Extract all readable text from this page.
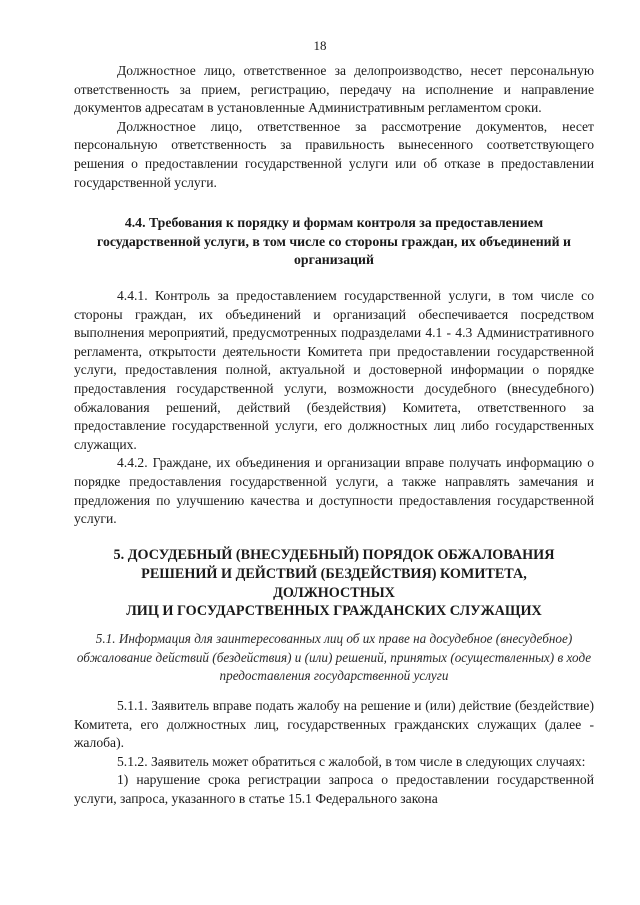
18

Должностное лицо, ответственное за делопроизводство, несет персональную ответственность за прием, регистрацию, передачу на исполнение и направление документов адресатам в установленные Административным регламентом сроки.

Должностное лицо, ответственное за рассмотрение документов, несет персональную ответственность за правильность вынесенного соответствующего решения о предоставлении государственной услуги или об отказе в предоставлении государственной услуги.

4.4. Требования к порядку и формам контроля за предоставлением государственной услуги, в том числе со стороны граждан, их объединений и организаций

4.4.1. Контроль за предоставлением государственной услуги, в том числе со стороны граждан, их объединений и организаций обеспечивается посредством выполнения мероприятий, предусмотренных подразделами 4.1 - 4.3 Административного регламента, открытости деятельности Комитета при предоставлении государственной услуги, предоставления полной, актуальной и достоверной информации о порядке предоставления государственной услуги, возможности досудебного (внесудебного) обжалования решений, действий (бездействия) Комитета, ответственного за предоставление государственной услуги, его должностных лиц либо государственных служащих.

4.4.2. Граждане, их объединения и организации вправе получать информацию о порядке предоставления государственной услуги, а также направлять замечания и предложения по улучшению качества и доступности предоставления государственной услуги.

5. ДОСУДЕБНЫЙ (ВНЕСУДЕБНЫЙ) ПОРЯДОК ОБЖАЛОВАНИЯ
РЕШЕНИЙ И ДЕЙСТВИЙ (БЕЗДЕЙСТВИЯ) КОМИТЕТА,
ДОЛЖНОСТНЫХ
ЛИЦ И ГОСУДАРСТВЕННЫХ ГРАЖДАНСКИХ СЛУЖАЩИХ
5.1. Информация для заинтересованных лиц об их праве на досудебное (внесудебное) обжалование действий (бездействия) и (или) решений, принятых (осуществленных) в ходе предоставления государственной услуги

5.1.1. Заявитель вправе подать жалобу на решение и (или) действие (бездействие) Комитета, его должностных лиц, государственных гражданских служащих (далее - жалоба).

5.1.2. Заявитель может обратиться с жалобой, в том числе в следующих случаях:

1) нарушение срока регистрации запроса о предоставлении государственной услуги, запроса, указанного в статье 15.1 Федерального закона
